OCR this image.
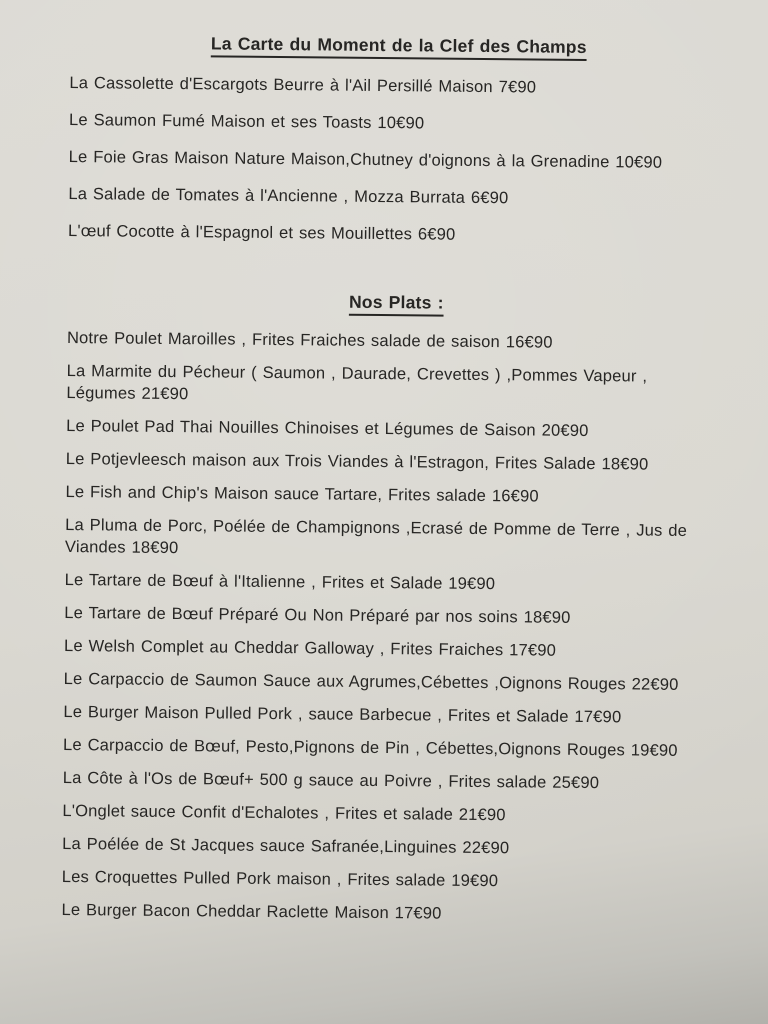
La Carte du Moment de la Clef des Champs
La Cassolette d'Escargots Beurre à l'Ail Persillé Maison 7€90
Le Saumon Fumé Maison et ses Toasts 10€90
Le Foie Gras Maison Nature Maison,Chutney d'oignons à la Grenadine 10€90
La Salade de Tomates à l'Ancienne , Mozza Burrata 6€90
L'œuf Cocotte à l'Espagnol et ses Mouillettes 6€90
Nos Plats :
Notre Poulet Maroilles , Frites Fraiches salade de saison 16€90
La Marmite du Pécheur ( Saumon , Daurade, Crevettes ) ,Pommes Vapeur , Légumes 21€90
Le Poulet Pad Thai Nouilles Chinoises et Légumes de Saison 20€90
Le Potjevleesch maison aux Trois Viandes à l'Estragon, Frites Salade 18€90
Le Fish and Chip's Maison sauce Tartare, Frites salade 16€90
La Pluma de Porc, Poélée de Champignons ,Ecrasé de Pomme de Terre , Jus de Viandes 18€90
Le Tartare de Bœuf à l'Italienne , Frites et Salade 19€90
Le Tartare de Bœuf Préparé Ou Non Préparé par nos soins 18€90
Le Welsh Complet au Cheddar Galloway , Frites Fraiches 17€90
Le Carpaccio de Saumon Sauce aux Agrumes,Cébettes ,Oignons Rouges 22€90
Le Burger Maison Pulled Pork , sauce Barbecue , Frites et Salade 17€90
Le Carpaccio de Bœuf, Pesto,Pignons de Pin , Cébettes,Oignons Rouges 19€90
La Côte à l'Os de Bœuf+ 500 g sauce au Poivre , Frites salade 25€90
L'Onglet sauce Confit d'Echalotes , Frites et salade 21€90
La Poélée de St Jacques sauce Safranée,Linguines 22€90
Les Croquettes Pulled Pork maison , Frites salade 19€90
Le Burger Bacon Cheddar Raclette Maison 17€90
